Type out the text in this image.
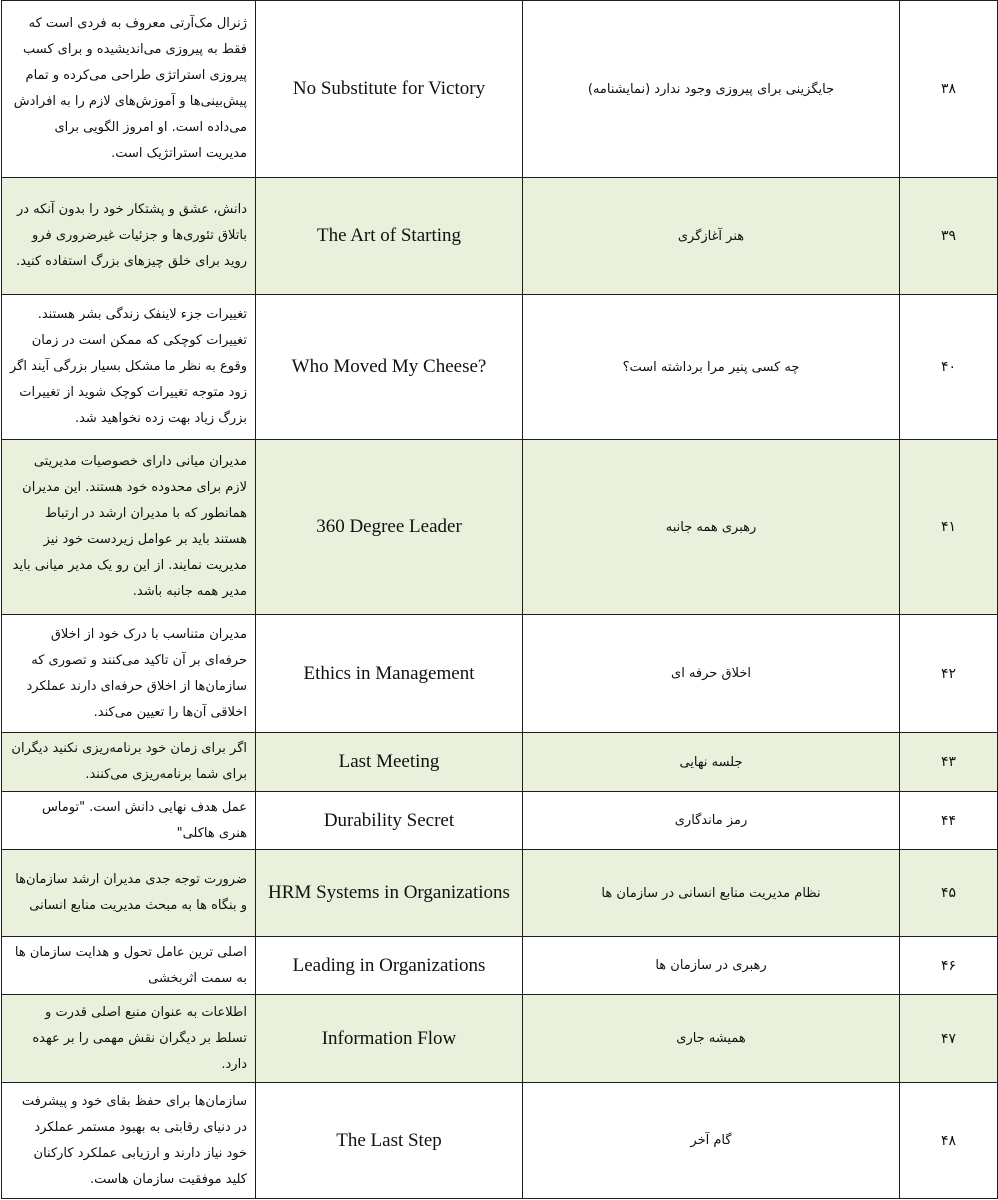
ژنرال مک‌آرتی معروف به فردی است که فقط به پیروزی می‌اندیشیده و برای کسب پیروزی استراتژی طراحی می‌کرده و تمام پیش‌بینی‌ها و آموزش‌های لازم را به افرادش می‌داده است. او امروز الگویی برای مدیریت استراتژیک است.	No Substitute for Victory	جایگزینی برای پیروزی وجود ندارد (نمایشنامه)	۳۸
دانش، عشق و پشتکار خود را بدون آنکه در باتلاق تئوری‌ها و جزئیات غیرضروری فرو روید برای خلق چیزهای بزرگ استفاده کنید.	The Art of Starting	هنر آغازگری	۳۹
تغییرات جزء لاینفک زندگی بشر هستند. تغییرات کوچکی که ممکن است در زمان وقوع به نظر ما مشکل بسیار بزرگی آیند اگر زود متوجه تغییرات کوچک شوید از تغییرات بزرگ زیاد بهت زده نخواهید شد.	Who Moved My Cheese?	چه کسی پنیر مرا برداشته است؟	۴۰
مدیران میانی دارای خصوصیات مدیریتی لازم برای محدوده خود هستند. این مدیران همانطور که با مدیران ارشد در ارتباط هستند باید بر عوامل زیردست خود نیز مدیریت نمایند. از این رو یک مدیر میانی باید مدیر همه جانبه باشد.	360 Degree Leader	رهبری همه جانبه	۴۱
مدیران متناسب با درک خود از اخلاق حرفه‌ای بر آن تاکید می‌کنند و تصوری که سازمان‌ها از اخلاق حرفه‌ای دارند عملکرد اخلاقی آن‌ها را تعیین می‌کند.	Ethics in Management	اخلاق حرفه ای	۴۲
اگر برای زمان خود برنامه‌ریزی نکنید دیگران برای شما برنامه‌ریزی می‌کنند.	Last Meeting	جلسه نهایی	۴۳
عمل هدف نهایی دانش است. "توماس هنری هاکلی"	Durability Secret	رمز ماندگاری	۴۴
ضرورت توجه جدی مدیران ارشد سازمان‌ها و بنگاه ها به مبحث مدیریت منابع انسانی	HRM Systems in Organizations	نظام مدیریت منابع انسانی در سازمان ها	۴۵
اصلی ترین عامل تحول و هدایت سازمان ها به سمت اثربخشی	Leading in Organizations	رهبری در سازمان ها	۴۶
اطلاعات به عنوان منبع اصلی قدرت و تسلط بر دیگران نقش مهمی را بر عهده دارد.	Information Flow	همیشه جاری	۴۷
سازمان‌ها برای حفظ بقای خود و پیشرفت در دنیای رقابتی به بهبود مستمر عملکرد خود نیاز دارند و ارزیابی عملکرد کارکنان کلید موفقیت سازمان هاست.	The Last Step	گام آخر	۴۸
